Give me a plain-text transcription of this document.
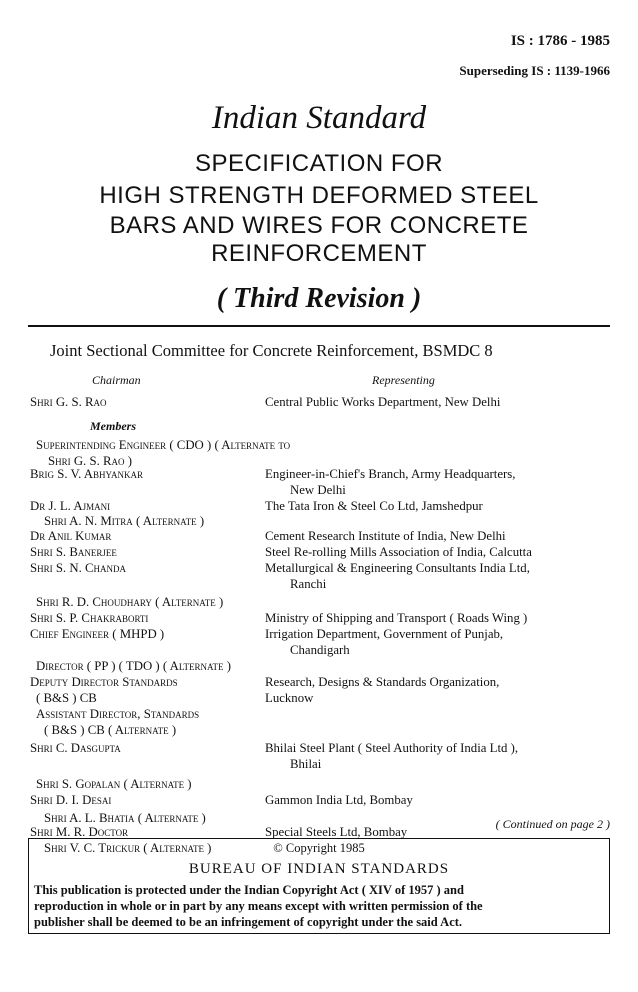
IS : 1786 - 1985
Superseding IS : 1139-1966
Indian Standard
SPECIFICATION FOR
HIGH STRENGTH DEFORMED STEEL
BARS AND WIRES FOR CONCRETE
REINFORCEMENT
( Third Revision )
Joint Sectional Committee for Concrete Reinforcement, BSMDC 8
Chairman	Representing
Shri G. S. Rao	Central Public Works Department, New Delhi
Members
Superintending Engineer ( CDO ) ( Alternate to
Shri G. S. Rao )
Brig S. V. Abhyankar	Engineer-in-Chief's Branch, Army Headquarters,
New Delhi
Dr J. L. Ajmani	The Tata Iron & Steel Co Ltd, Jamshedpur
Shri A. N. Mitra ( Alternate )
Dr Anil Kumar	Cement Research Institute of India, New Delhi
Shri S. Banerjee	Steel Re-rolling Mills Association of India, Calcutta
Shri S. N. Chanda	Metallurgical & Engineering Consultants India Ltd,
Ranchi
Shri R. D. Choudhary ( Alternate )
Shri S. P. Chakraborti	Ministry of Shipping and Transport ( Roads Wing )
Chief Engineer ( MHPD )	Irrigation Department, Government of Punjab,
Chandigarh
Director ( PP ) ( TDO ) ( Alternate )
Deputy Director Standards	Research, Designs & Standards Organization,
( B&S ) CB	Lucknow
Assistant Director, Standards
( B&S ) CB ( Alternate )
Shri C. Dasgupta	Bhilai Steel Plant ( Steel Authority of India Ltd ),
Bhilai
Shri S. Gopalan ( Alternate )
Shri D. I. Desai	Gammon India Ltd, Bombay
Shri A. L. Bhatia ( Alternate )
Shri M. R. Doctor	Special Steels Ltd, Bombay
Shri V. C. Trickur ( Alternate )
( Continued on page 2 )
© Copyright 1985
BUREAU OF INDIAN STANDARDS
This publication is protected under the Indian Copyright Act ( XIV of 1957 ) and
reproduction in whole or in part by any means except with written permission of the
publisher shall be deemed to be an infringement of copyright under the said Act.
